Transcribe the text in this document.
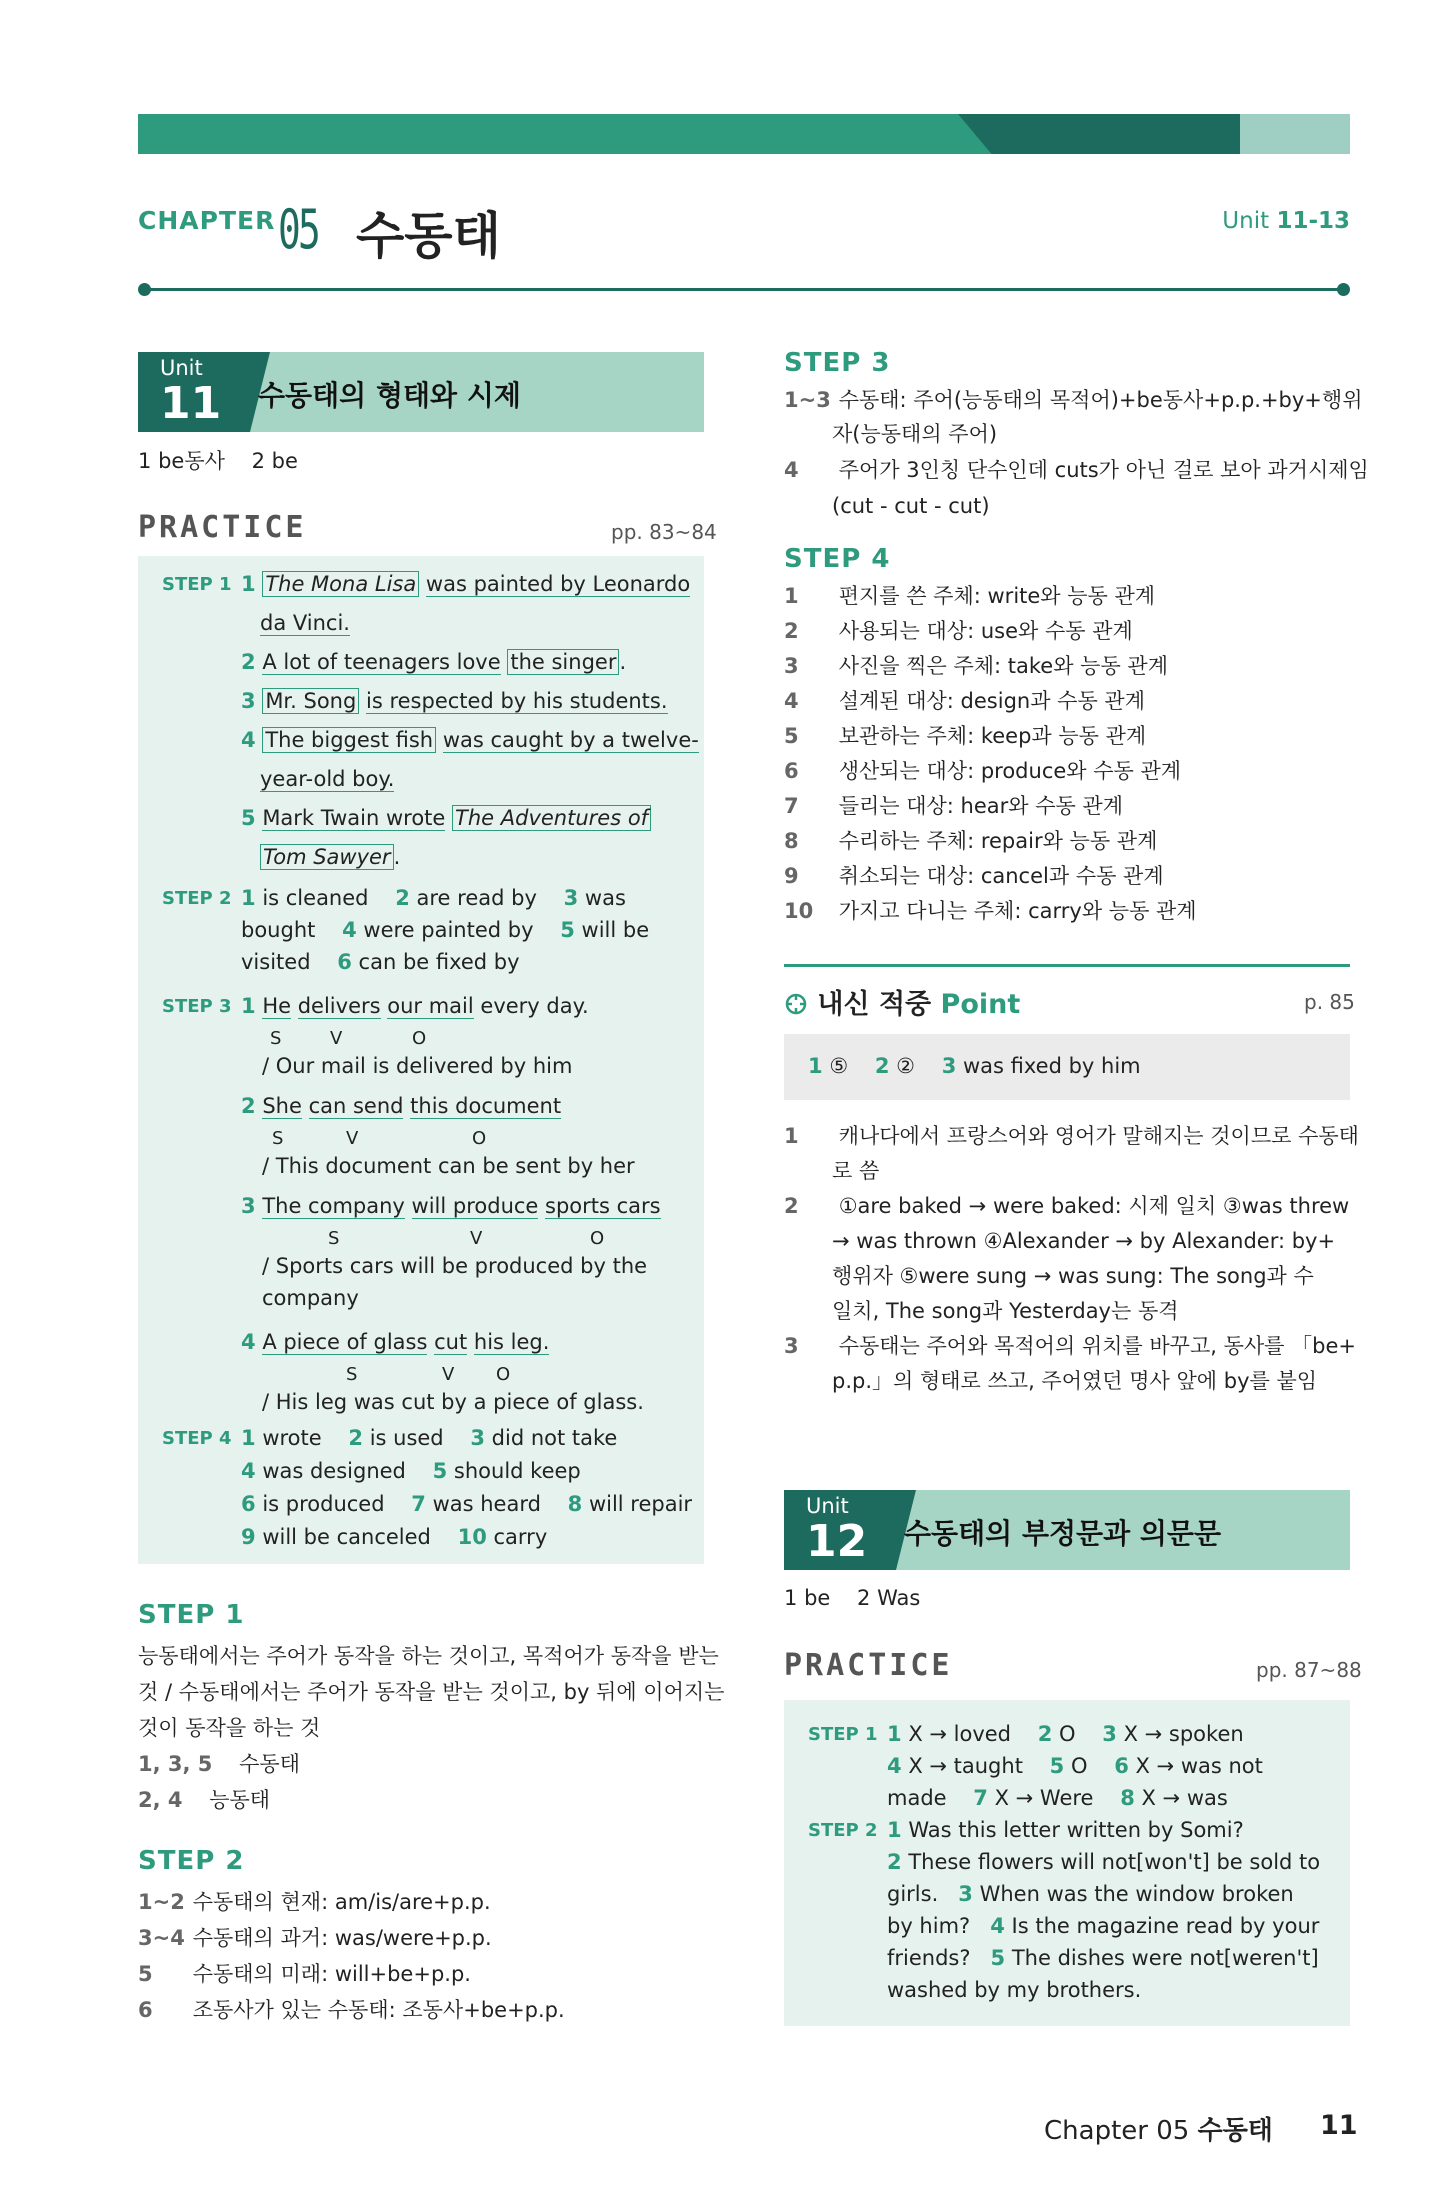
CHAPTER 05 수동태	Unit 11-13
Unit
11 수동태의 형태와 시제
1 be동사 2 be
PRACTICE	pp. 83~84
STEP 1 1 The Mona Lisa was painted by Leonardo
da Vinci.
2 A lot of teenagers love the singer .
3 Mr. Song is respected by his students.
4 The biggest fish was caught by a twelve-
year-old boy.
5 Mark Twain wrote The Adventures of
Tom Sawyer .
STEP 2 1 is cleaned 2 are read by 3 was
bought 4 were painted by 5 will be
visited 6 can be fixed by
STEP 3 1 He delivers our mail every day.
S	V	O
/ Our mail is delivered by him
2 She can send this document
S	V	O
/ This document can be sent by her
3 The company will produce sports cars
S	V	O
/ Sports cars will be produced by the
company
4 A piece of glass cut his leg.
S	V O
/ His leg was cut by a piece of glass.
STEP 4 1 wrote 2 is used 3 did not take
4 was designed 5 should keep
6 is produced 7 was heard 8 will repair
9 will be canceled 10 carry
STEP 1
능동태에서는 주어가 동작을 하는 것이고, 목적어가 동작을 받는
것 / 수동태에서는 주어가 동작을 받는 것이고, by 뒤에 이어지는
것이 동작을 하는 것
1, 3, 5 수동태
2, 4 능동태
STEP 2
1~2 수동태의 현재: am/is/are+p.p.
3~4 수동태의 과거: was/were+p.p.
5 수동태의 미래: will+be+p.p.
6 조동사가 있는 수동태: 조동사+be+p.p.
STEP 3
1~3 수동태: 주어(능동태의 목적어)+be동사+p.p.+by+행위
자(능동태의 주어)
4 주어가 3인칭 단수인데 cuts가 아닌 걸로 보아 과거시제임
(cut - cut - cut)
STEP 4
1 편지를 쓴 주체: write와 능동 관계
2 사용되는 대상: use와 수동 관계
3 사진을 찍은 주체: take와 능동 관계
4 설계된 대상: design과 수동 관계
5 보관하는 주체: keep과 능동 관계
6 생산되는 대상: produce와 수동 관계
7 들리는 대상: hear와 수동 관계
8 수리하는 주체: repair와 능동 관계
9 취소되는 대상: cancel과 수동 관계
10 가지고 다니는 주체: carry와 능동 관계
내신 적중 Point	p. 85
1 ⑤ 2 ② 3 was fixed by him
1 캐나다에서 프랑스어와 영어가 말해지는 것이므로 수동태
로 씀
2 ①are baked → were baked: 시제 일치 ③was threw
→ was thrown ④Alexander → by Alexander: by+
행위자 ⑤were sung → was sung: The song과 수
일치, The song과 Yesterday는 동격
3 수동태는 주어와 목적어의 위치를 바꾸고, 동사를 「be+
p.p.」의 형태로 쓰고, 주어였던 명사 앞에 by를 붙임
Unit
12 수동태의 부정문과 의문문
1 be 2 Was
PRACTICE	pp. 87~88
STEP 1 1 X → loved 2 O 3 X → spoken
4 X → taught 5 O 6 X → was not
made 7 X → Were 8 X → was
STEP 2 1 Was this letter written by Somi?
2 These flowers will not[won't] be sold to
girls. 3 When was the window broken
by him? 4 Is the magazine read by your
friends? 5 The dishes were not[weren't]
washed by my brothers.
Chapter 05 수동태 11
